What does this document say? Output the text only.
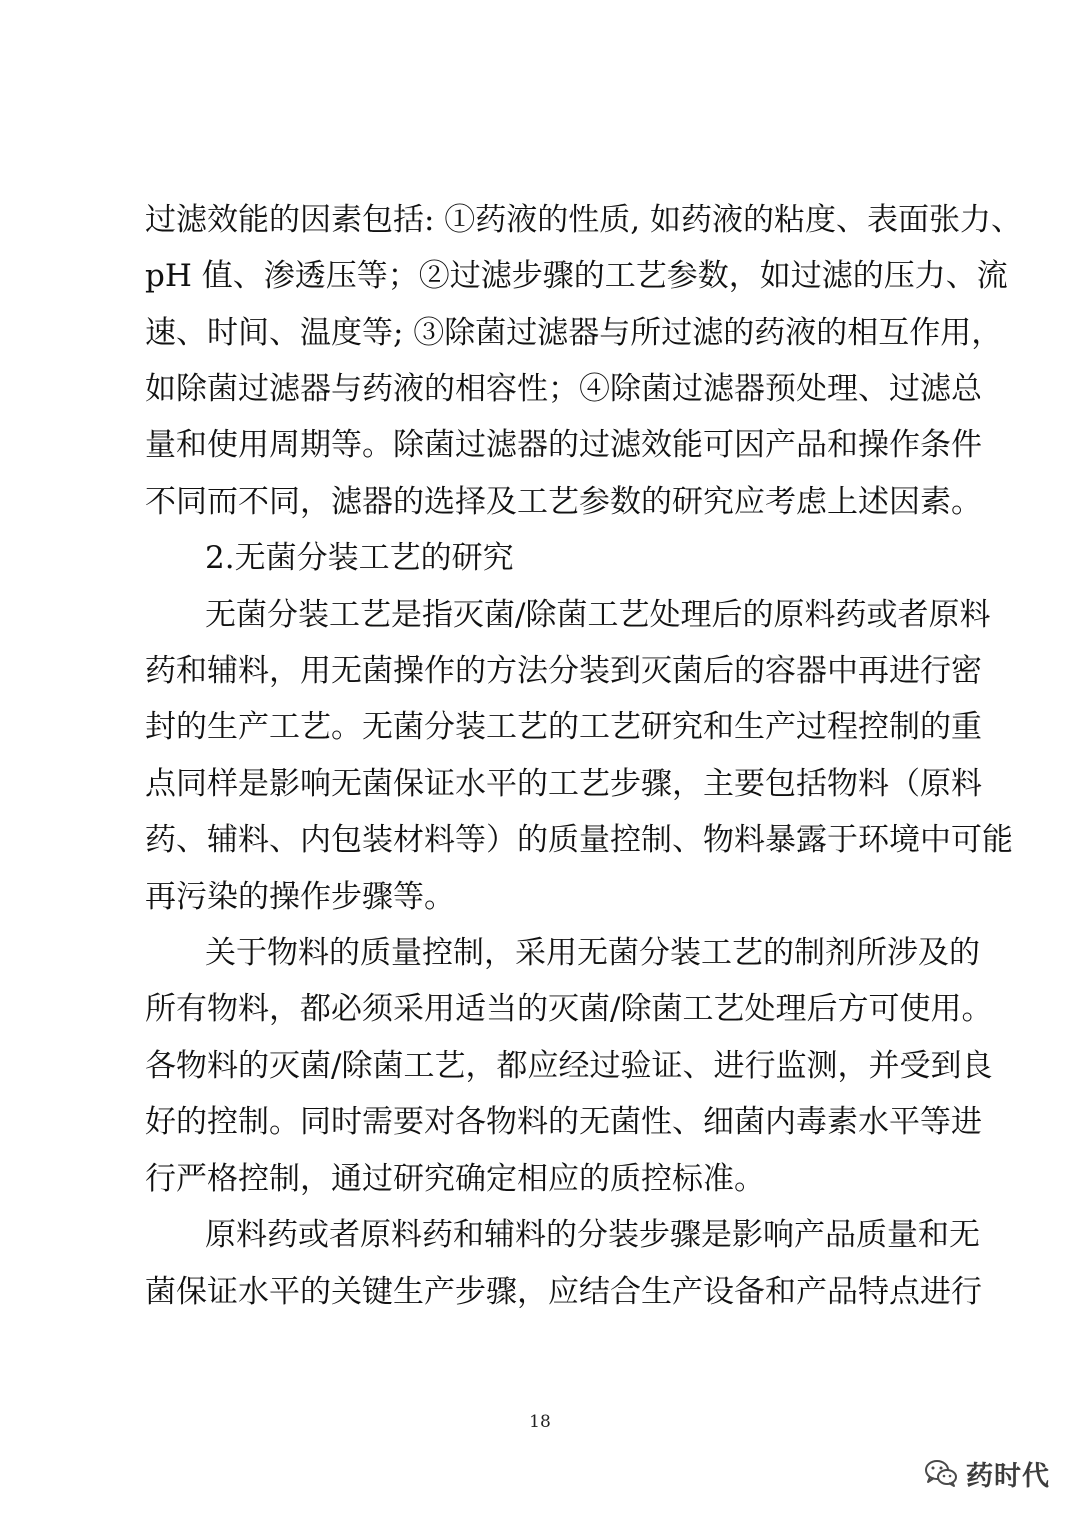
过滤效能的因素包括: ①药液的性质, 如药液的粘度、表面张力、
pH 值、渗透压等；②过滤步骤的工艺参数，如过滤的压力、流
速、时间、温度等; ③除菌过滤器与所过滤的药液的相互作用，
如除菌过滤器与药液的相容性；④除菌过滤器预处理、过滤总
量和使用周期等。除菌过滤器的过滤效能可因产品和操作条件
不同而不同，滤器的选择及工艺参数的研究应考虑上述因素。
2.无菌分装工艺的研究
无菌分装工艺是指灭菌/除菌工艺处理后的原料药或者原料
药和辅料，用无菌操作的方法分装到灭菌后的容器中再进行密
封的生产工艺。无菌分装工艺的工艺研究和生产过程控制的重
点同样是影响无菌保证水平的工艺步骤，主要包括物料（原料
药、辅料、内包装材料等）的质量控制、物料暴露于环境中可能
再污染的操作步骤等。
关于物料的质量控制，采用无菌分装工艺的制剂所涉及的
所有物料，都必须采用适当的灭菌/除菌工艺处理后方可使用。
各物料的灭菌/除菌工艺，都应经过验证、进行监测，并受到良
好的控制。同时需要对各物料的无菌性、细菌内毒素水平等进
行严格控制，通过研究确定相应的质控标准。
原料药或者原料药和辅料的分装步骤是影响产品质量和无
菌保证水平的关键生产步骤，应结合生产设备和产品特点进行
18
药时代
